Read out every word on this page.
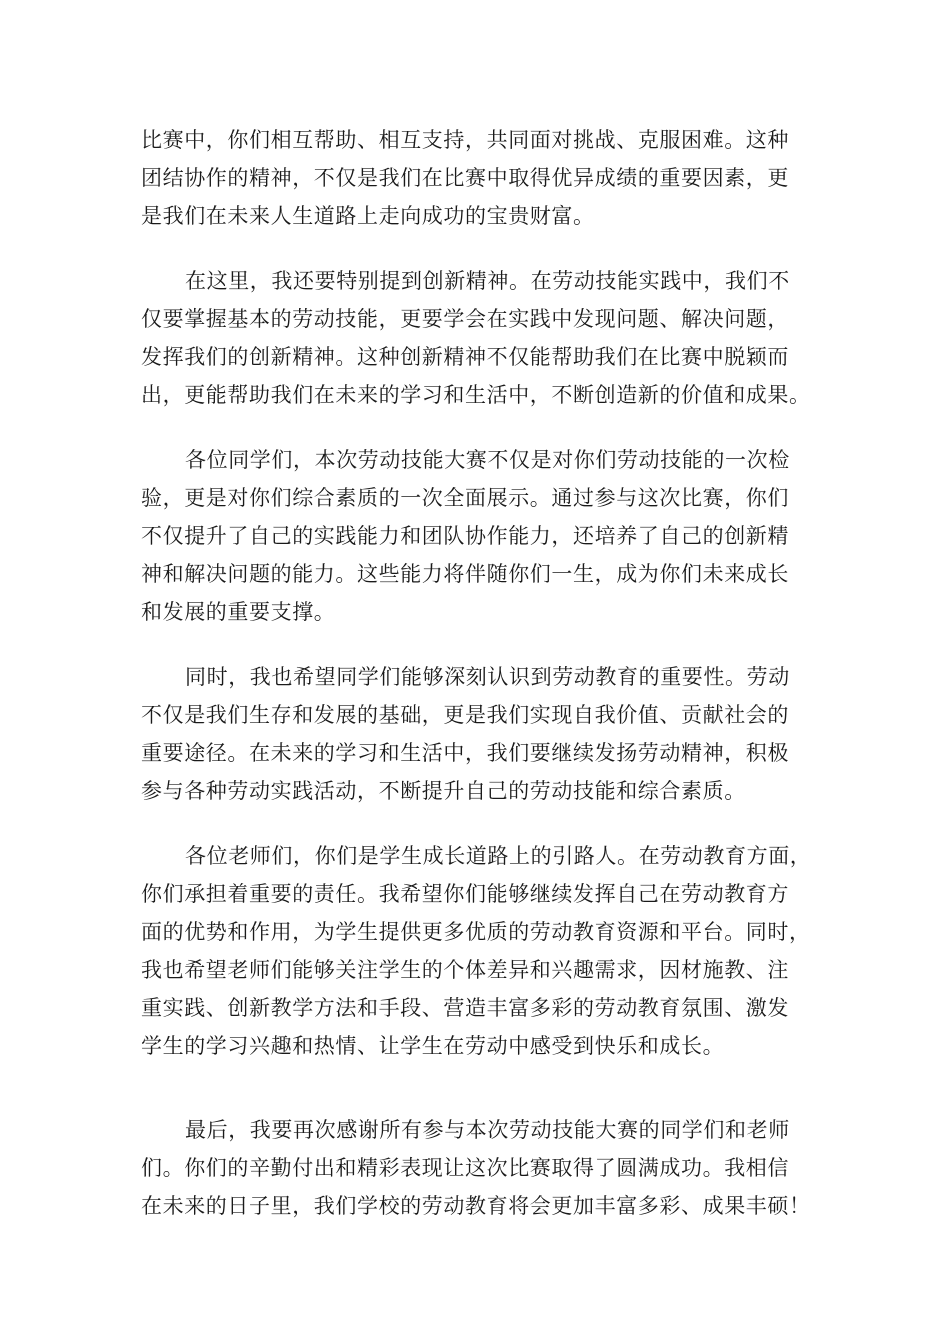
比赛中，你们相互帮助、相互支持，共同面对挑战、克服困难。这种
团结协作的精神，不仅是我们在比赛中取得优异成绩的重要因素，更
是我们在未来人生道路上走向成功的宝贵财富。
在这里，我还要特别提到创新精神。在劳动技能实践中，我们不
仅要掌握基本的劳动技能，更要学会在实践中发现问题、解决问题，
发挥我们的创新精神。这种创新精神不仅能帮助我们在比赛中脱颖而
出，更能帮助我们在未来的学习和生活中，不断创造新的价值和成果。
各位同学们，本次劳动技能大赛不仅是对你们劳动技能的一次检
验，更是对你们综合素质的一次全面展示。通过参与这次比赛，你们
不仅提升了自己的实践能力和团队协作能力，还培养了自己的创新精
神和解决问题的能力。这些能力将伴随你们一生，成为你们未来成长
和发展的重要支撑。
同时，我也希望同学们能够深刻认识到劳动教育的重要性。劳动
不仅是我们生存和发展的基础，更是我们实现自我价值、贡献社会的
重要途径。在未来的学习和生活中，我们要继续发扬劳动精神，积极
参与各种劳动实践活动，不断提升自己的劳动技能和综合素质。
各位老师们，你们是学生成长道路上的引路人。在劳动教育方面，
你们承担着重要的责任。我希望你们能够继续发挥自己在劳动教育方
面的优势和作用，为学生提供更多优质的劳动教育资源和平台。同时，
我也希望老师们能够关注学生的个体差异和兴趣需求，因材施教、注
重实践、创新教学方法和手段、营造丰富多彩的劳动教育氛围、激发
学生的学习兴趣和热情、让学生在劳动中感受到快乐和成长。
最后，我要再次感谢所有参与本次劳动技能大赛的同学们和老师
们。你们的辛勤付出和精彩表现让这次比赛取得了圆满成功。我相信
在未来的日子里，我们学校的劳动教育将会更加丰富多彩、成果丰硕！
